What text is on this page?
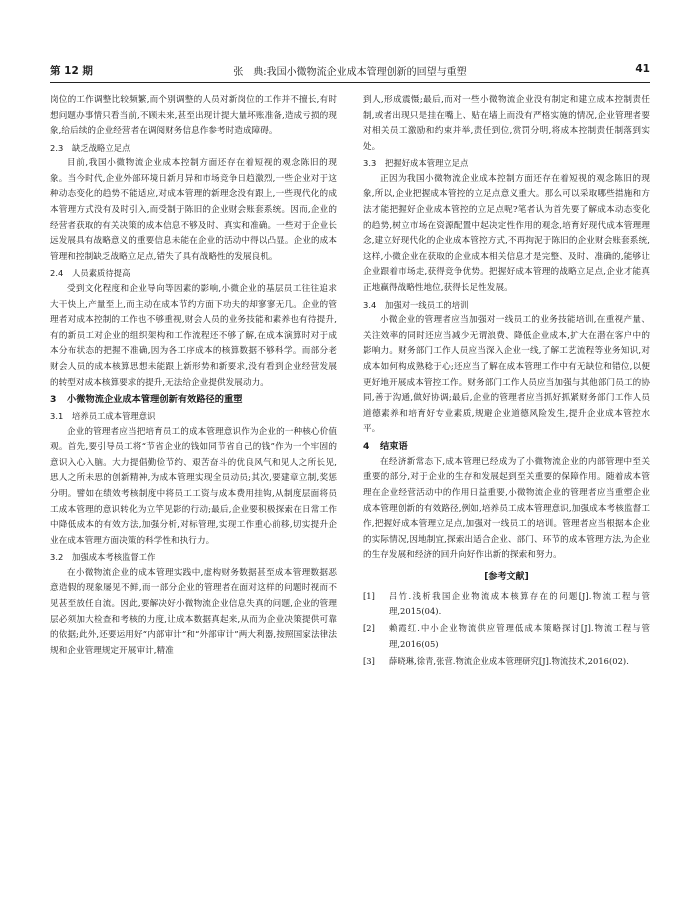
第 12 期	张　典:我国小微物流企业成本管理创新的回望与重塑	41

岗位的工作调整比较频繁,而个别调整的人员对新岗位的工作并不擅长,有时想问题办事情只看当前,不顾未来,甚至出现计提大量坏账准备,造成亏损的现象,给后续的企业经营者在调阅财务信息作参考时造成障碍。

2.3 缺乏战略立足点

目前,我国小微物流企业成本控制方面还存在着短视的观念陈旧的现象。当今时代,企业外部环境日新月异和市场竞争日趋激烈,一些企业对于这种动态变化的趋势不能适应,对成本管理的新理念没有跟上,一些现代化的成本管理方式没有及时引入,而受制于陈旧的企业财会账套系统。因而,企业的经营者获取的有关决策的成本信息不够及时、真实和准确。一些对于企业长远发展具有战略意义的重要信息未能在企业的活动中得以凸显。企业的成本管理和控制缺乏战略立足点,错失了具有战略性的发展良机。

2.4 人员素质待提高

受到文化程度和企业导向等因素的影响,小微企业的基层员工往往追求大干快上,产量至上,而主动在成本节约方面下功夫的却寥寥无几。企业的管理者对成本控制的工作也不够重视,财会人员的业务技能和素养也有待提升,有的新员工对企业的组织架构和工作流程还不够了解,在成本演算时对于成本分布状态的把握不准确,因为各工序成本的核算数据不够科学。而部分老财会人员的成本核算思想未能跟上新形势和新要求,没有看到企业经营发展的转型对成本核算要求的提升,无法给企业提供发展动力。

3 小微物流企业成本管理创新有效路径的重塑

3.1 培养员工成本管理意识

企业的管理者应当把培育员工的成本管理意识作为企业的一种核心价值观。首先,要引导员工将“节省企业的钱如同节省自己的钱”作为一个牢固的意识入心入脑。大力提倡勤俭节约、艰苦奋斗的优良风气和见人之所长见,思人之所未思的创新精神,为成本管理实现全员动员;其次,要建章立制,奖惩分明。譬如在绩效考核制度中将员工工资与成本费用挂钩,从制度层面将员工成本管理的意识转化为立竿见影的行动;最后,企业要积极探索在日常工作中降低成本的有效方法,加强分析,对标管理,实现工作重心前移,切实提升企业在成本管理方面决策的科学性和执行力。

3.2 加强成本考核监督工作

在小微物流企业的成本管理实践中,虚构财务数据甚至成本管理数据恶意造假的现象屡见不鲜,而一部分企业的管理者在面对这样的问题时视而不见甚至放任自流。因此,要解决好小微物流企业信息失真的问题,企业的管理层必须加大检查和考核的力度,让成本数据真起来,从而为企业决策提供可靠的依据;此外,还要运用好“内部审计”和“外部审计”两大利器,按照国家法律法规和企业管理规定开展审计,精准

到人,形成震慑;最后,而对一些小微物流企业没有制定和建立成本控制责任制,或者出现只是挂在嘴上、贴在墙上而没有严格实施的情况,企业管理者要对相关员工激励和约束并举,责任到位,赏罚分明,将成本控制责任制落到实处。

3.3 把握好成本管理立足点

正因为我国小微物流企业成本控制方面还存在着短视的观念陈旧的现象,所以,企业把握成本管控的立足点意义重大。那么可以采取哪些措施和方法才能把握好企业成本管控的立足点呢?笔者认为首先要了解成本动态变化的趋势,树立市场在资源配置中起决定性作用的观念,培育好现代成本管理理念,建立好现代化的企业成本管控方式,不再拘泥于陈旧的企业财会账套系统,这样,小微企业在获取的企业成本相关信息才是完整、及时、准确的,能够让企业跟着市场走,获得竞争优势。把握好成本管理的战略立足点,企业才能真正地赢得战略性地位,获得长足性发展。

3.4 加强对一线员工的培训

小微企业的管理者应当加强对一线员工的业务技能培训,在重视产量、关注效率的同时还应当减少无谓浪费、降低企业成本,扩大在潜在客户中的影响力。财务部门工作人员应当深入企业一线,了解工艺流程等业务知识,对成本如何构成熟稔于心;还应当了解在成本管理工作中有无缺位和错位,以便更好地开展成本管控工作。财务部门工作人员应当加强与其他部门员工的协同,善于沟通,做好协调;最后,企业的管理者应当抓好抓紧财务部门工作人员道德素养和培育好专业素质,规避企业道德风险发生,提升企业成本管控水平。

4 结束语

在经济新常态下,成本管理已经成为了小微物流企业的内部管理中至关重要的部分,对于企业的生存和发展起到至关重要的保障作用。随着成本管理在企业经营活动中的作用日益重要,小微物流企业的管理者应当重塑企业成本管理创新的有效路径,例如,培养员工成本管理意识,加强成本考核监督工作,把握好成本管理立足点,加强对一线员工的培训。管理者应当根据本企业的实际情况,因地制宜,探索出适合企业、部门、环节的成本管理方法,为企业的生存发展和经济的回升向好作出新的探索和努力。

[参考文献]

[1] 吕竹.浅析我国企业物流成本核算存在的问题[J].物流工程与管理,2015(04).

[2] 赖霞红.中小企业物流供应管理低成本策略探讨[J].物流工程与管理,2016(05)

[3] 薛晓琳,徐青,张营.物流企业成本管理研究[J].物流技术,2016(02).
